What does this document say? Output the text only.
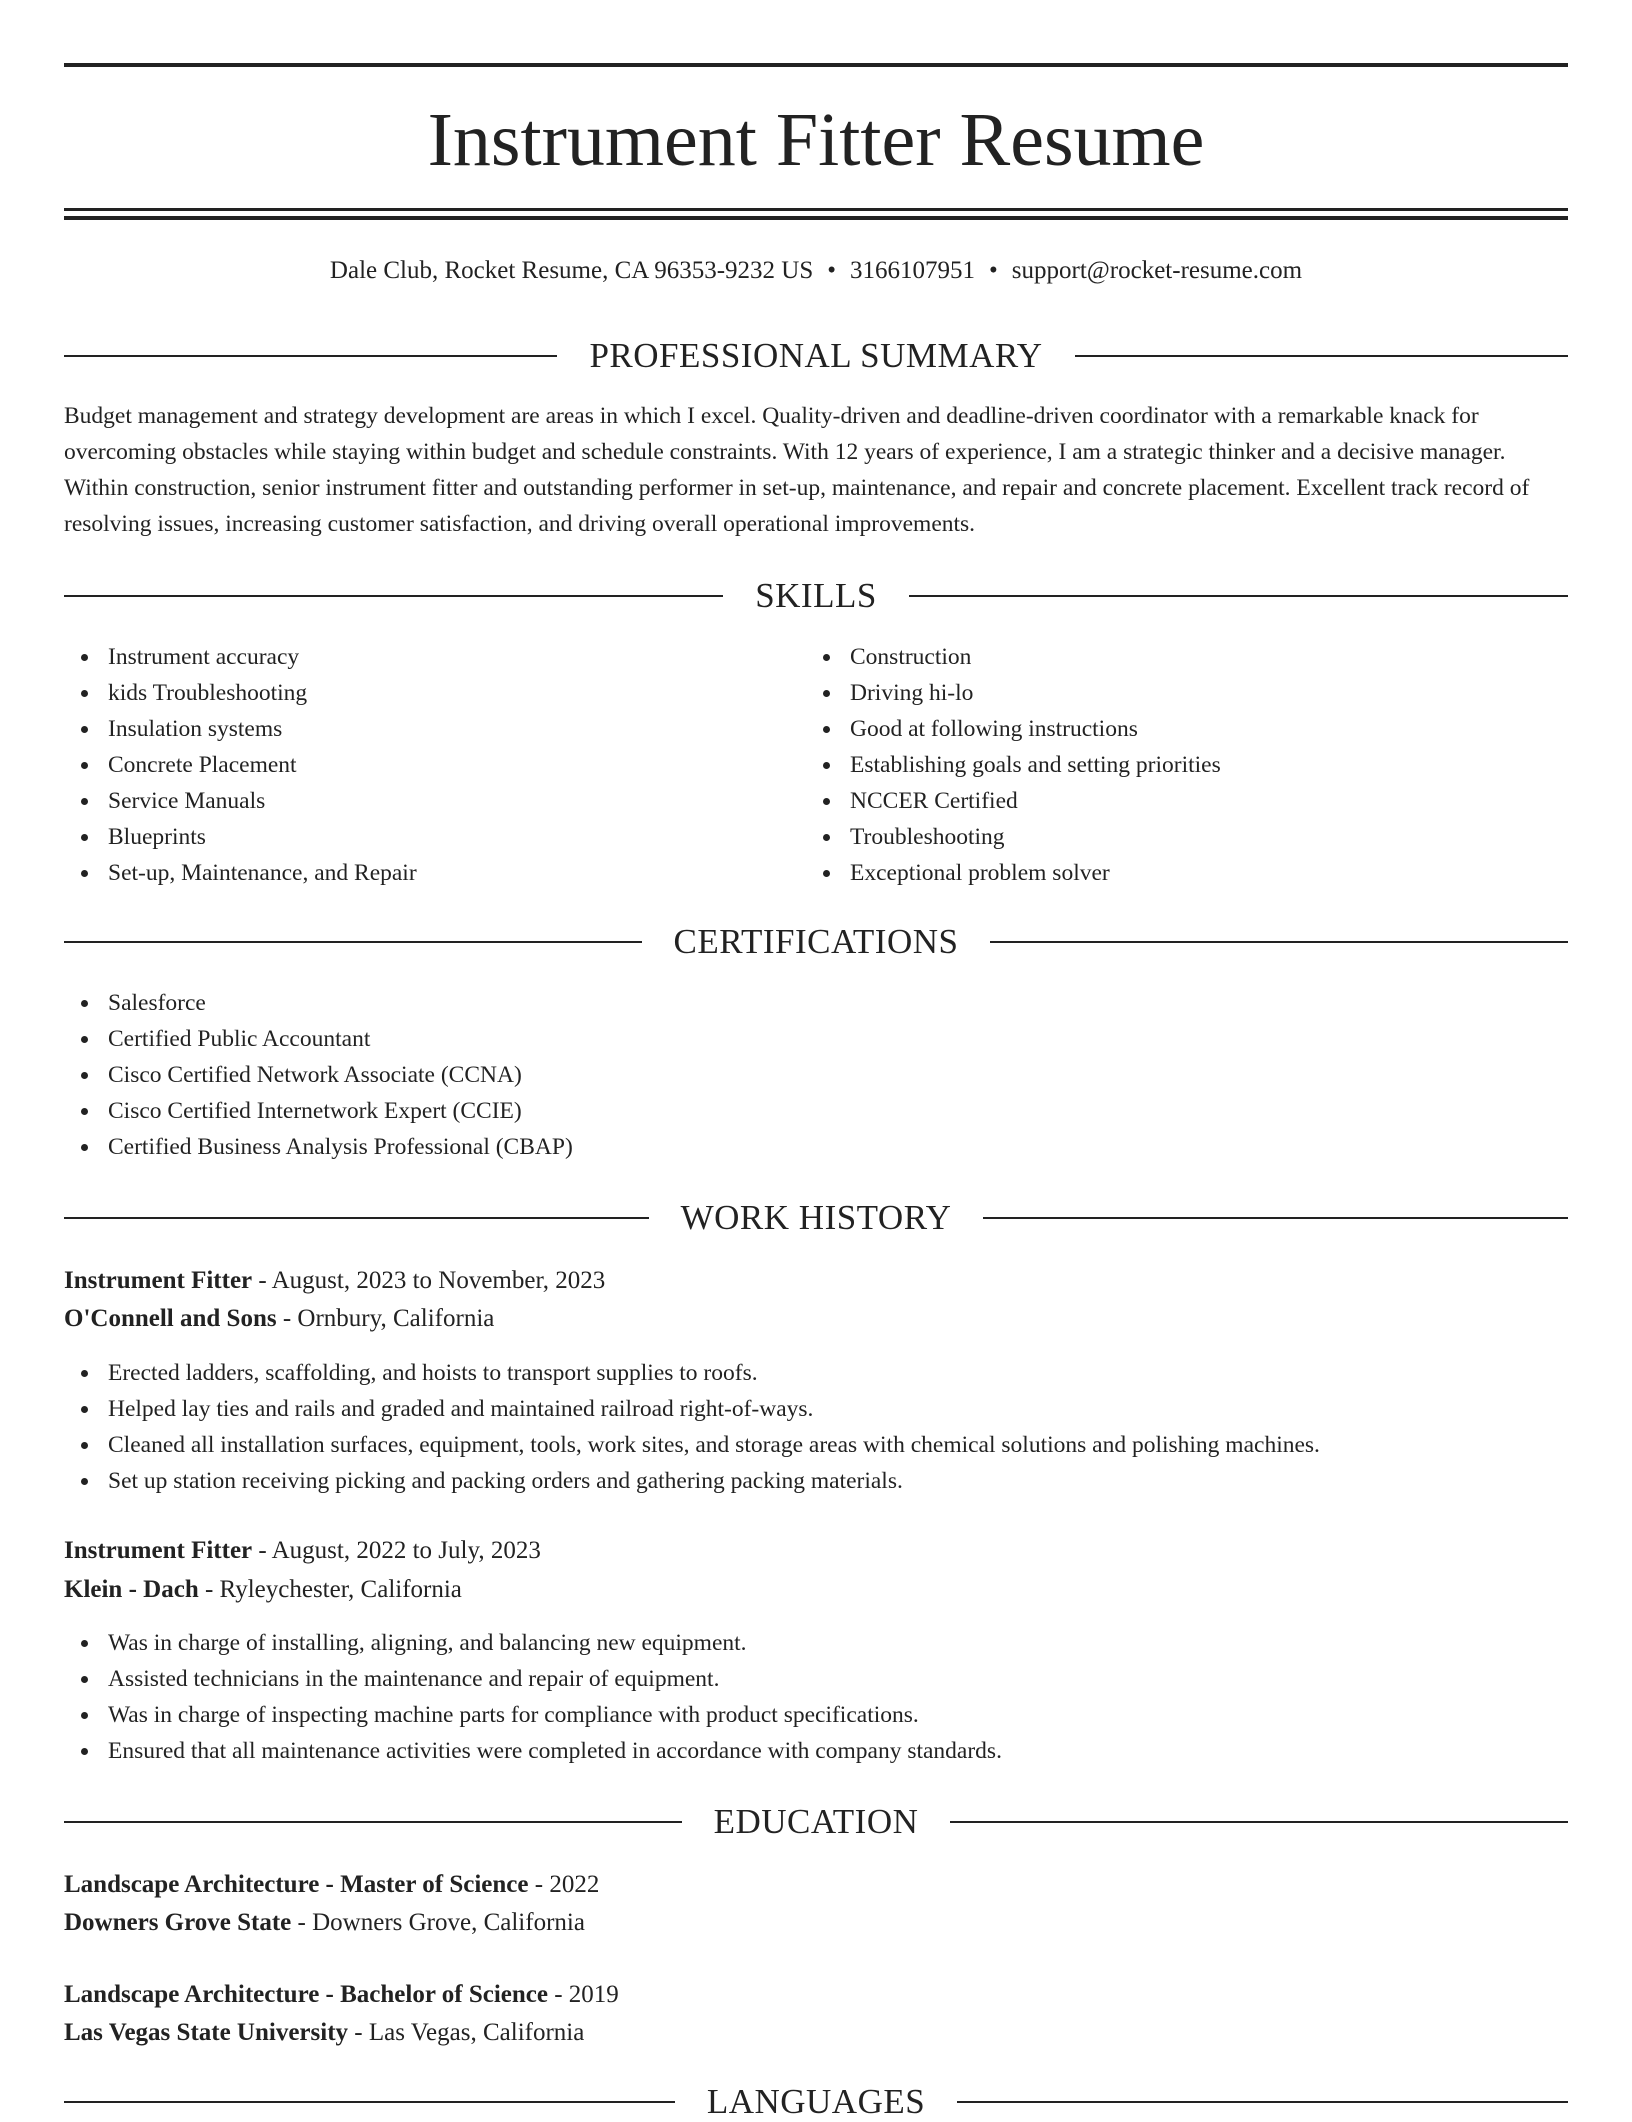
Instrument Fitter Resume
Dale Club, Rocket Resume, CA 96353-9232 US • 3166107951 • support@rocket-resume.com
PROFESSIONAL SUMMARY

Budget management and strategy development are areas in which I excel. Quality-driven and deadline-driven coordinator with a remarkable knack for overcoming obstacles while staying within budget and schedule constraints. With 12 years of experience, I am a strategic thinker and a decisive manager. Within construction, senior instrument fitter and outstanding performer in set-up, maintenance, and repair and concrete placement. Excellent track record of resolving issues, increasing customer satisfaction, and driving overall operational improvements.

SKILLS
Instrument accuracy
kids Troubleshooting
Insulation systems
Concrete Placement
Service Manuals
Blueprints
Set-up, Maintenance, and Repair
Construction
Driving hi-lo
Good at following instructions
Establishing goals and setting priorities
NCCER Certified
Troubleshooting
Exceptional problem solver
CERTIFICATIONS
Salesforce
Certified Public Accountant
Cisco Certified Network Associate (CCNA)
Cisco Certified Internetwork Expert (CCIE)
Certified Business Analysis Professional (CBAP)
WORK HISTORY
Instrument Fitter - August, 2023 to November, 2023
O'Connell and Sons - Ornbury, California
Erected ladders, scaffolding, and hoists to transport supplies to roofs.
Helped lay ties and rails and graded and maintained railroad right-of-ways.
Cleaned all installation surfaces, equipment, tools, work sites, and storage areas with chemical solutions and polishing machines.
Set up station receiving picking and packing orders and gathering packing materials.
Instrument Fitter - August, 2022 to July, 2023
Klein - Dach - Ryleychester, California
Was in charge of installing, aligning, and balancing new equipment.
Assisted technicians in the maintenance and repair of equipment.
Was in charge of inspecting machine parts for compliance with product specifications.
Ensured that all maintenance activities were completed in accordance with company standards.
EDUCATION
Landscape Architecture - Master of Science - 2022
Downers Grove State - Downers Grove, California
Landscape Architecture - Bachelor of Science - 2019
Las Vegas State University - Las Vegas, California
LANGUAGES
